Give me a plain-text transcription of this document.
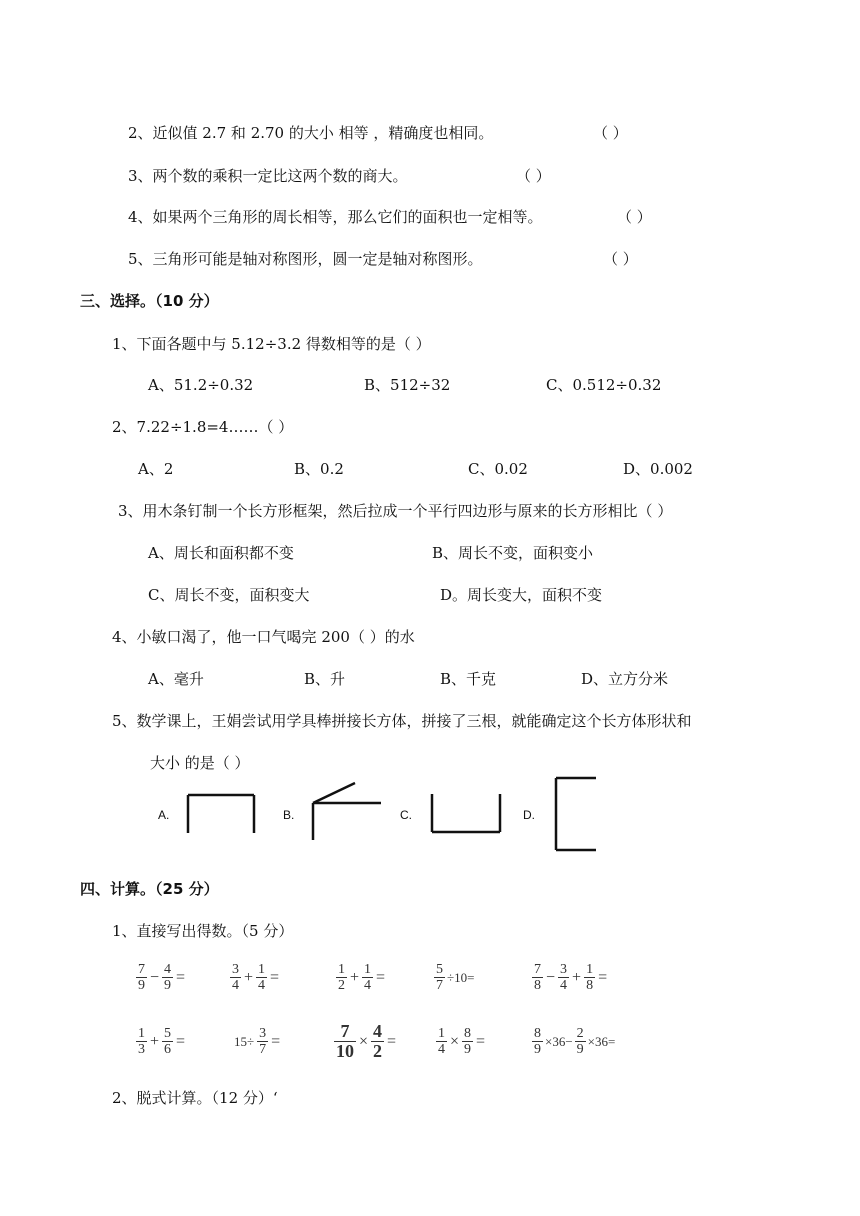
2、近似值 2.7 和 2.70 的大小 相等 ，精确度也相同。	（ ）
3、两个数的乘积一定比这两个数的商大。	（ ）
4、如果两个三角形的周长相等，那么它们的面积也一定相等。	（ ）
5、三角形可能是轴对称图形，圆一定是轴对称图形。	（ ）
三、选择。（10 分）
1、下面各题中与 5.12÷3.2 得数相等的是（ ）
A、51.2÷0.32	B、512÷32	C、0.512÷0.32
2、7.22÷1.8=4……（ ）
A、2	B、0.2	C、0.02	D、0.002
3、用木条钉制一个长方形框架，然后拉成一个平行四边形与原来的长方形相比（ ）
A、周长和面积都不变	B、周长不变，面积变小
C、周长不变，面积变大	D。周长变大，面积不变
4、小敏口渴了，他一口气喝完 200（ ）的水
A、毫升	B、升	B、千克	D、立方分米
5、数学课上，王娟尝试用学具棒拼接长方体，拼接了三根，就能确定这个长方体形状和
大小 的是（ ）
A.	B.	C.	D.
四、计算。（25 分）
1、直接写出得数。（5 分）
$\frac{7}{9} - \frac{4}{9}$ =	$\frac{3}{4} + \frac{1}{4}$ =	$\frac{1}{2} + \frac{1}{4}$ =	$\frac{5}{7} \div 10=$	$\frac{7}{8} - \frac{3}{4} + \frac{1}{8}$ =
$\frac{1}{3} + \frac{5}{6}$ =	$15\div \frac{3}{7}$ =	$\frac{7}{10} \times \frac{4}{2}$ =	$\frac{1}{4} \times \frac{8}{9}$ =	$\frac{8}{9} \times 36- \frac{2}{9} \times 36=$
2、脱式计算。（12 分）‘
